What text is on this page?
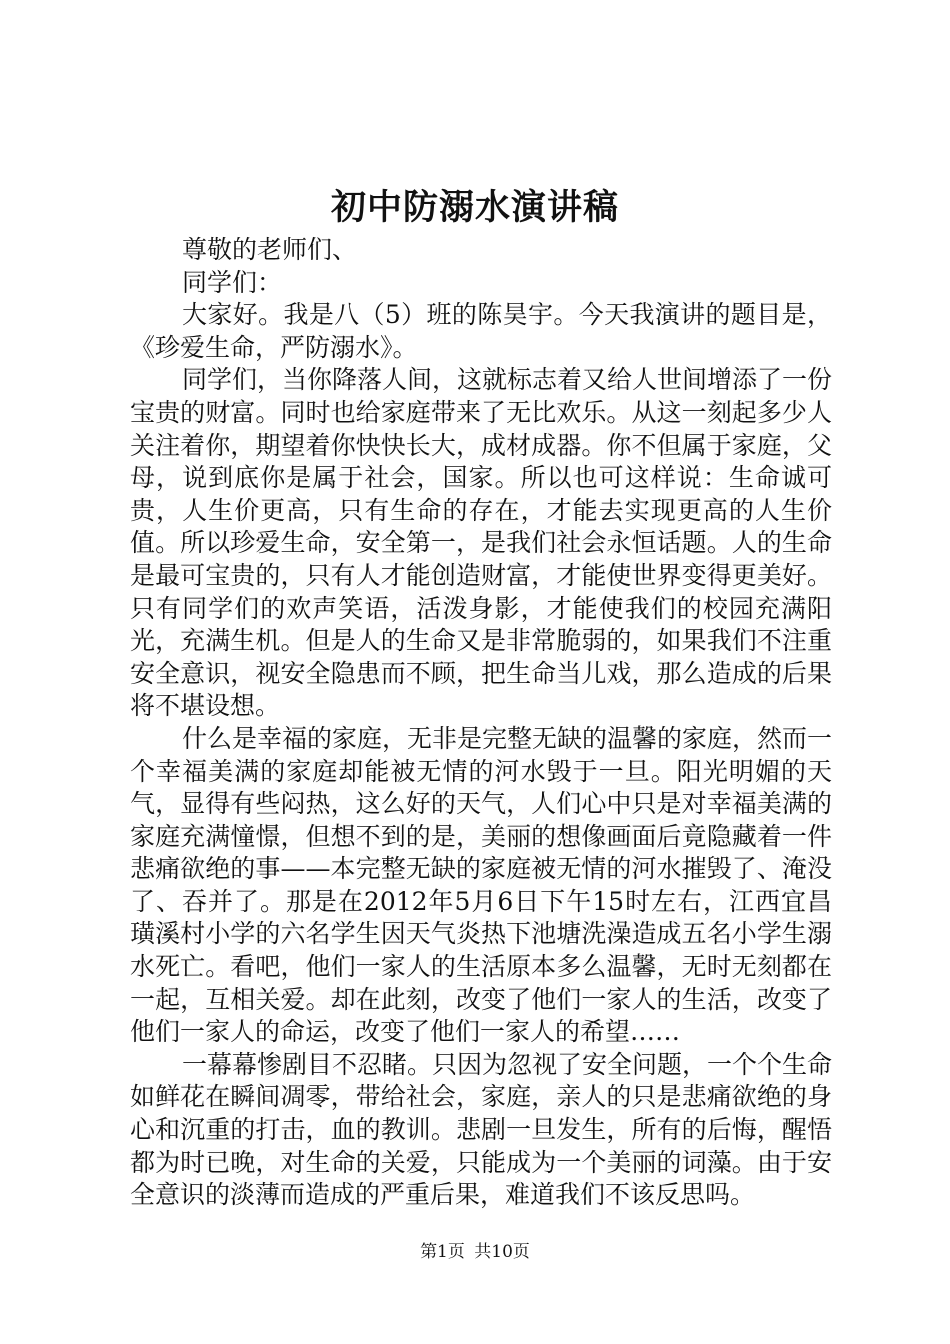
初中防溺水演讲稿

尊敬的老师们、

同学们：

大家好。我是八（5）班的陈昊宇。今天我演讲的题目是，《珍爱生命，严防溺水》。

同学们，当你降落人间，这就标志着又给人世间增添了一份宝贵的财富。同时也给家庭带来了无比欢乐。从这一刻起多少人关注着你，期望着你快快长大，成材成器。你不但属于家庭，父母，说到底你是属于社会，国家。所以也可这样说：生命诚可贵，人生价更高，只有生命的存在，才能去实现更高的人生价值。所以珍爱生命，安全第一，是我们社会永恒话题。人的生命是最可宝贵的，只有人才能创造财富，才能使世界变得更美好。只有同学们的欢声笑语，活泼身影，才能使我们的校园充满阳光，充满生机。但是人的生命又是非常脆弱的，如果我们不注重安全意识，视安全隐患而不顾，把生命当儿戏，那么造成的后果将不堪设想。

什么是幸福的家庭，无非是完整无缺的温馨的家庭，然而一个幸福美满的家庭却能被无情的河水毁于一旦。阳光明媚的天气，显得有些闷热，这么好的天气，人们心中只是对幸福美满的家庭充满憧憬，但想不到的是，美丽的想像画面后竟隐藏着一件悲痛欲绝的事——本完整无缺的家庭被无情的河水摧毁了、淹没了、吞并了。那是在2012年5月6日下午15时左右，江西宜昌璜溪村小学的六名学生因天气炎热下池塘洗澡造成五名小学生溺水死亡。看吧，他们一家人的生活原本多么温馨，无时无刻都在一起，互相关爱。却在此刻，改变了他们一家人的生活，改变了他们一家人的命运，改变了他们一家人的希望……

一幕幕惨剧目不忍睹。只因为忽视了安全问题，一个个生命如鲜花在瞬间凋零，带给社会，家庭，亲人的只是悲痛欲绝的身心和沉重的打击，血的教训。悲剧一旦发生，所有的后悔，醒悟都为时已晚，对生命的关爱，只能成为一个美丽的词藻。由于安全意识的淡薄而造成的严重后果，难道我们不该反思吗。

第1页 共10页
